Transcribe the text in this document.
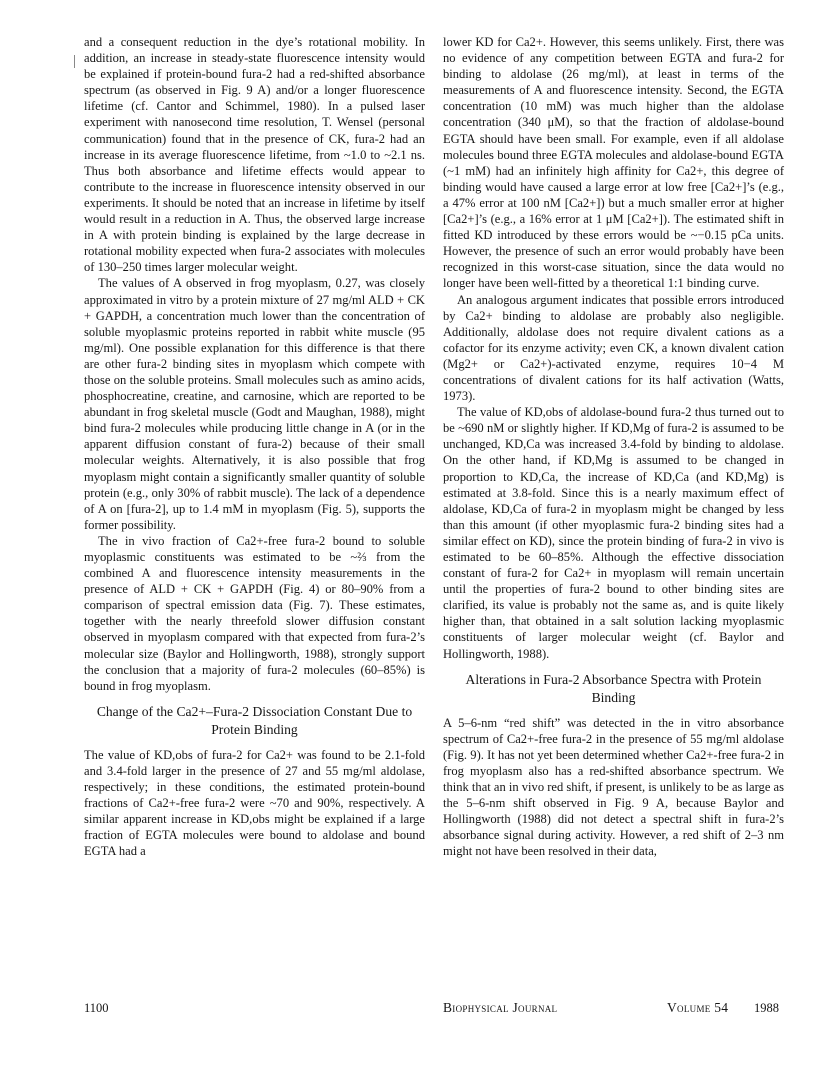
and a consequent reduction in the dye’s rotational mobility. In addition, an increase in steady-state fluorescence intensity would be explained if protein-bound fura-2 had a red-shifted absorbance spectrum (as observed in Fig. 9 A) and/or a longer fluorescence lifetime (cf. Cantor and Schimmel, 1980). In a pulsed laser experiment with nanosecond time resolution, T. Wensel (personal communication) found that in the presence of CK, fura-2 had an increase in its average fluorescence lifetime, from ~1.0 to ~2.1 ns. Thus both absorbance and lifetime effects would appear to contribute to the increase in fluorescence intensity observed in our experiments. It should be noted that an increase in lifetime by itself would result in a reduction in A. Thus, the observed large increase in A with protein binding is explained by the large decrease in rotational mobility expected when fura-2 associates with molecules of 130–250 times larger molecular weight.

The values of A observed in frog myoplasm, 0.27, was closely approximated in vitro by a protein mixture of 27 mg/ml ALD + CK + GAPDH, a concentration much lower than the concentration of soluble myoplasmic proteins reported in rabbit white muscle (95 mg/ml). One possible explanation for this difference is that there are other fura-2 binding sites in myoplasm which compete with those on the soluble proteins. Small molecules such as amino acids, phosphocreatine, creatine, and carnosine, which are reported to be abundant in frog skeletal muscle (Godt and Maughan, 1988), might bind fura-2 molecules while producing little change in A (or in the apparent diffusion constant of fura-2) because of their small molecular weights. Alternatively, it is also possible that frog myoplasm might contain a significantly smaller quantity of soluble protein (e.g., only 30% of rabbit muscle). The lack of a dependence of A on [fura-2], up to 1.4 mM in myoplasm (Fig. 5), supports the former possibility.

The in vivo fraction of Ca2+-free fura-2 bound to soluble myoplasmic constituents was estimated to be ~⅔ from the combined A and fluorescence intensity measurements in the presence of ALD + CK + GAPDH (Fig. 4) or 80–90% from a comparison of spectral emission data (Fig. 7). These estimates, together with the nearly threefold slower diffusion constant observed in myoplasm compared with that expected from fura-2’s molecular size (Baylor and Hollingworth, 1988), strongly support the conclusion that a majority of fura-2 molecules (60–85%) is bound in frog myoplasm.

Change of the Ca2+–Fura-2 Dissociation Constant Due to Protein Binding

The value of KD,obs of fura-2 for Ca2+ was found to be 2.1-fold and 3.4-fold larger in the presence of 27 and 55 mg/ml aldolase, respectively; in these conditions, the estimated protein-bound fractions of Ca2+-free fura-2 were ~70 and 90%, respectively. A similar apparent increase in KD,obs might be explained if a large fraction of EGTA molecules were bound to aldolase and bound EGTA had a

lower KD for Ca2+. However, this seems unlikely. First, there was no evidence of any competition between EGTA and fura-2 for binding to aldolase (26 mg/ml), at least in terms of the measurements of A and fluorescence intensity. Second, the EGTA concentration (10 mM) was much higher than the aldolase concentration (340 μM), so that the fraction of aldolase-bound EGTA should have been small. For example, even if all aldolase molecules bound three EGTA molecules and aldolase-bound EGTA (~1 mM) had an infinitely high affinity for Ca2+, this degree of binding would have caused a large error at low free [Ca2+]’s (e.g., a 47% error at 100 nM [Ca2+]) but a much smaller error at higher [Ca2+]’s (e.g., a 16% error at 1 μM [Ca2+]). The estimated shift in fitted KD introduced by these errors would be ~−0.15 pCa units. However, the presence of such an error would probably have been recognized in this worst-case situation, since the data would no longer have been well-fitted by a theoretical 1:1 binding curve.

An analogous argument indicates that possible errors introduced by Ca2+ binding to aldolase are probably also negligible. Additionally, aldolase does not require divalent cations as a cofactor for its enzyme activity; even CK, a known divalent cation (Mg2+ or Ca2+)-activated enzyme, requires 10−4 M concentrations of divalent cations for its half activation (Watts, 1973).

The value of KD,obs of aldolase-bound fura-2 thus turned out to be ~690 nM or slightly higher. If KD,Mg of fura-2 is assumed to be unchanged, KD,Ca was increased 3.4-fold by binding to aldolase. On the other hand, if KD,Mg is assumed to be changed in proportion to KD,Ca, the increase of KD,Ca (and KD,Mg) is estimated at 3.8-fold. Since this is a nearly maximum effect of aldolase, KD,Ca of fura-2 in myoplasm might be changed by less than this amount (if other myoplasmic fura-2 binding sites had a similar effect on KD), since the protein binding of fura-2 in vivo is estimated to be 60–85%. Although the effective dissociation constant of fura-2 for Ca2+ in myoplasm will remain uncertain until the properties of fura-2 bound to other binding sites are clarified, its value is probably not the same as, and is quite likely higher than, that obtained in a salt solution lacking myoplasmic constituents of larger molecular weight (cf. Baylor and Hollingworth, 1988).

Alterations in Fura-2 Absorbance Spectra with Protein Binding

A 5–6-nm “red shift” was detected in the in vitro absorbance spectrum of Ca2+-free fura-2 in the presence of 55 mg/ml aldolase (Fig. 9). It has not yet been determined whether Ca2+-free fura-2 in frog myoplasm also has a red-shifted absorbance spectrum. We think that an in vivo red shift, if present, is unlikely to be as large as the 5–6-nm shift observed in Fig. 9 A, because Baylor and Hollingworth (1988) did not detect a spectral shift in fura-2’s absorbance signal during activity. However, a red shift of 2–3 nm might not have been resolved in their data,

1100	Biophysical Journal	Volume 54 1988
